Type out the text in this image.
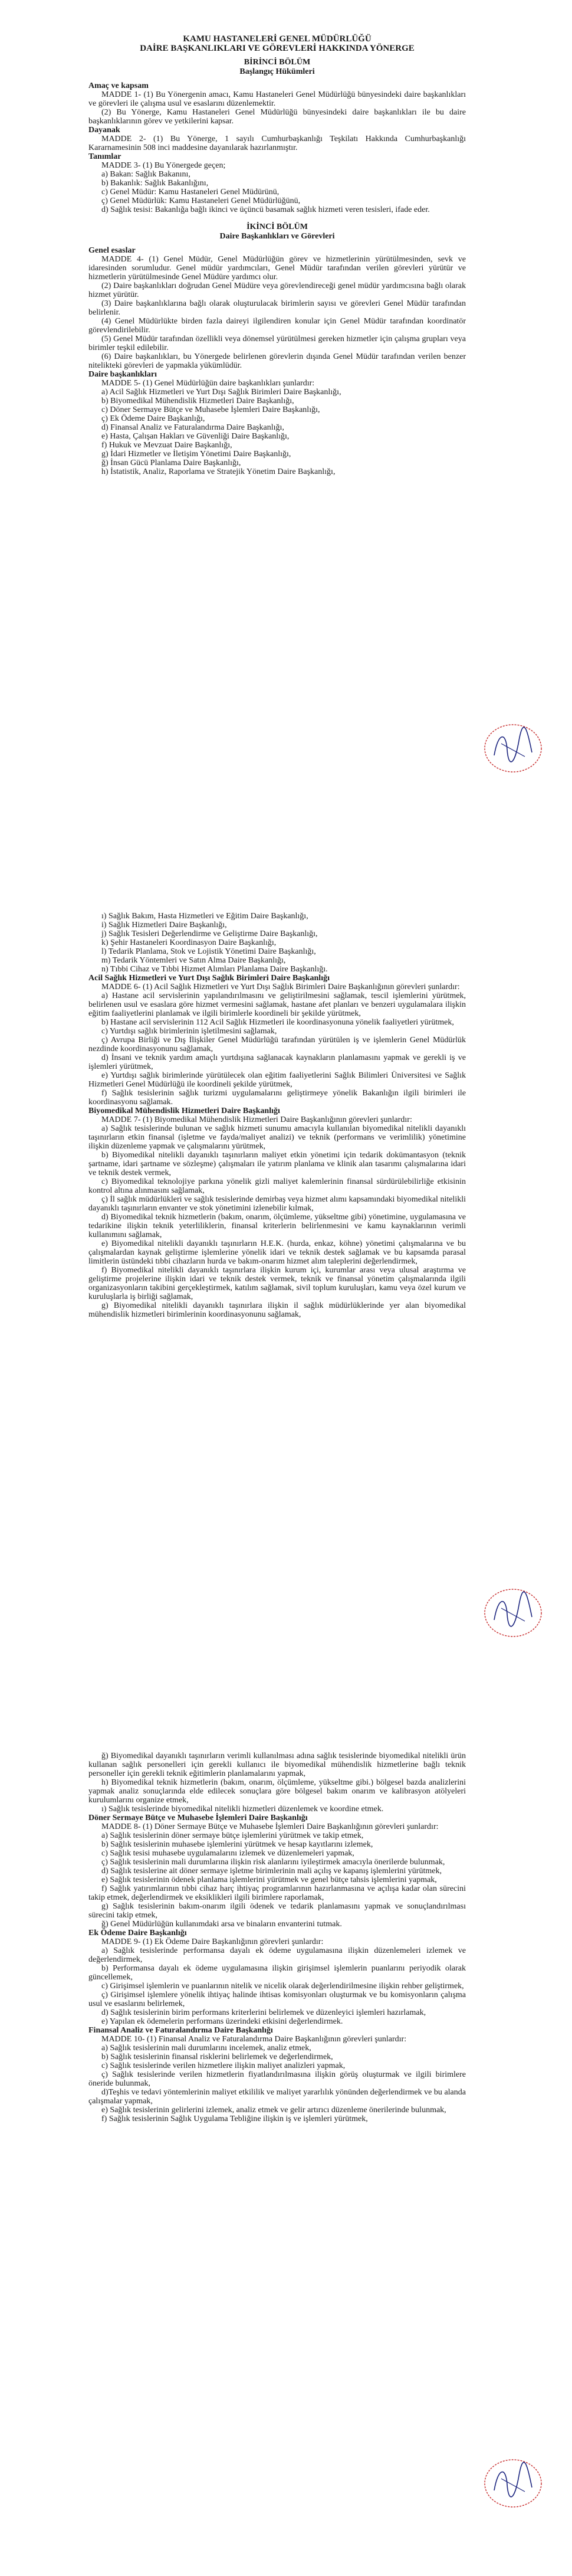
KAMU HASTANELERİ GENEL MÜDÜRLÜĞÜ
DAİRE BAŞKANLIKLARI VE GÖREVLERİ HAKKINDA YÖNERGE
BİRİNCİ BÖLÜM
Başlangıç Hükümleri
Amaç ve kapsam

MADDE 1- (1) Bu Yönergenin amacı, Kamu Hastaneleri Genel Müdürlüğü bünyesindeki daire başkanlıkları ve görevleri ile çalışma usul ve esaslarını düzenlemektir.

(2) Bu Yönerge, Kamu Hastaneleri Genel Müdürlüğü bünyesindeki daire başkanlıkları ile bu daire başkanlıklarının görev ve yetkilerini kapsar.

Dayanak

MADDE 2- (1) Bu Yönerge, 1 sayılı Cumhurbaşkanlığı Teşkilatı Hakkında Cumhurbaşkanlığı Kararnamesinin 508 inci maddesine dayanılarak hazırlanmıştır.

Tanımlar

MADDE 3- (1) Bu Yönergede geçen;

a) Bakan: Sağlık Bakanını,
b) Bakanlık: Sağlık Bakanlığını,
c) Genel Müdür: Kamu Hastaneleri Genel Müdürünü,
ç) Genel Müdürlük: Kamu Hastaneleri Genel Müdürlüğünü,
d) Sağlık tesisi: Bakanlığa bağlı ikinci ve üçüncü basamak sağlık hizmeti veren tesisleri, ifade eder.
İKİNCİ BÖLÜM
Daire Başkanlıkları ve Görevleri
Genel esaslar

MADDE 4- (1) Genel Müdür, Genel Müdürlüğün görev ve hizmetlerinin yürütülmesinden, sevk ve idaresinden sorumludur. Genel müdür yardımcıları, Genel Müdür tarafından verilen görevleri yürütür ve hizmetlerin yürütülmesinde Genel Müdüre yardımcı olur.

(2) Daire başkanlıkları doğrudan Genel Müdüre veya görevlendireceği genel müdür yardımcısına bağlı olarak hizmet yürütür.

(3) Daire başkanlıklarına bağlı olarak oluşturulacak birimlerin sayısı ve görevleri Genel Müdür tarafından belirlenir.

(4) Genel Müdürlükte birden fazla daireyi ilgilendiren konular için Genel Müdür tarafından koordinatör görevlendirilebilir.

(5) Genel Müdür tarafından özellikli veya dönemsel yürütülmesi gereken hizmetler için çalışma grupları veya birimler teşkil edilebilir.

(6) Daire başkanlıkları, bu Yönergede belirlenen görevlerin dışında Genel Müdür tarafından verilen benzer nitelikteki görevleri de yapmakla yükümlüdür.

Daire başkanlıkları

MADDE 5- (1) Genel Müdürlüğün daire başkanlıkları şunlardır:

a) Acil Sağlık Hizmetleri ve Yurt Dışı Sağlık Birimleri Daire Başkanlığı,
b) Biyomedikal Mühendislik Hizmetleri Daire Başkanlığı,
c) Döner Sermaye Bütçe ve Muhasebe İşlemleri Daire Başkanlığı,
ç) Ek Ödeme Daire Başkanlığı,
d) Finansal Analiz ve Faturalandırma Daire Başkanlığı,
e) Hasta, Çalışan Hakları ve Güvenliği Daire Başkanlığı,
f) Hukuk ve Mevzuat Daire Başkanlığı,
g) İdari Hizmetler ve İletişim Yönetimi Daire Başkanlığı,
ğ) İnsan Gücü Planlama Daire Başkanlığı,
h) İstatistik, Analiz, Raporlama ve Stratejik Yönetim Daire Başkanlığı,
ı) Sağlık Bakım, Hasta Hizmetleri ve Eğitim Daire Başkanlığı,
i) Sağlık Hizmetleri Daire Başkanlığı,
j) Sağlık Tesisleri Değerlendirme ve Geliştirme Daire Başkanlığı,
k) Şehir Hastaneleri Koordinasyon Daire Başkanlığı,
l) Tedarik Planlama, Stok ve Lojistik Yönetimi Daire Başkanlığı,
m) Tedarik Yöntemleri ve Satın Alma Daire Başkanlığı,
n) Tıbbi Cihaz ve Tıbbi Hizmet Alımları Planlama Daire Başkanlığı.
Acil Sağlık Hizmetleri ve Yurt Dışı Sağlık Birimleri Daire Başkanlığı

MADDE 6- (1) Acil Sağlık Hizmetleri ve Yurt Dışı Sağlık Birimleri Daire Başkanlığının görevleri şunlardır:

a) Hastane acil servislerinin yapılandırılmasını ve geliştirilmesini sağlamak, tescil işlemlerini yürütmek, belirlenen usul ve esaslara göre hizmet vermesini sağlamak, hastane afet planları ve benzeri uygulamalara ilişkin eğitim faaliyetlerini planlamak ve ilgili birimlerle koordineli bir şekilde yürütmek,

b) Hastane acil servislerinin 112 Acil Sağlık Hizmetleri ile koordinasyonuna yönelik faaliyetleri yürütmek,

c) Yurtdışı sağlık birimlerinin işletilmesini sağlamak,

ç) Avrupa Birliği ve Dış İlişkiler Genel Müdürlüğü tarafından yürütülen iş ve işlemlerin Genel Müdürlük nezdinde koordinasyonunu sağlamak,

d) İnsani ve teknik yardım amaçlı yurtdışına sağlanacak kaynakların planlamasını yapmak ve gerekli iş ve işlemleri yürütmek,

e) Yurtdışı sağlık birimlerinde yürütülecek olan eğitim faaliyetlerini Sağlık Bilimleri Üniversitesi ve Sağlık Hizmetleri Genel Müdürlüğü ile koordineli şekilde yürütmek,

f) Sağlık tesislerinin sağlık turizmi uygulamalarını geliştirmeye yönelik Bakanlığın ilgili birimleri ile koordinasyonu sağlamak.

Biyomedikal Mühendislik Hizmetleri Daire Başkanlığı

MADDE 7- (1) Biyomedikal Mühendislik Hizmetleri Daire Başkanlığının görevleri şunlardır:

a) Sağlık tesislerinde bulunan ve sağlık hizmeti sunumu amacıyla kullanılan biyomedikal nitelikli dayanıklı taşınırların etkin finansal (işletme ve fayda/maliyet analizi) ve teknik (performans ve verimlilik) yönetimine ilişkin düzenleme yapmak ve çalışmalarını yürütmek,

b) Biyomedikal nitelikli dayanıklı taşınırların maliyet etkin yönetimi için tedarik dokümantasyon (teknik şartname, idari şartname ve sözleşme) çalışmaları ile yatırım planlama ve klinik alan tasarımı çalışmalarına idari ve teknik destek vermek,

c) Biyomedikal teknolojiye parkına yönelik gizli maliyet kalemlerinin finansal sürdürülebilirliğe etkisinin kontrol altına alınmasını sağlamak,

ç) İl sağlık müdürlükleri ve sağlık tesislerinde demirbaş veya hizmet alımı kapsamındaki biyomedikal nitelikli dayanıklı taşınırların envanter ve stok yönetimini izlenebilir kılmak,

d) Biyomedikal teknik hizmetlerin (bakım, onarım, ölçümleme, yükseltme gibi) yönetimine, uygulamasına ve tedarikine ilişkin teknik yeterliliklerin, finansal kriterlerin belirlenmesini ve kamu kaynaklarının verimli kullanımını sağlamak,

e) Biyomedikal nitelikli dayanıklı taşınırların H.E.K. (hurda, enkaz, köhne) yönetimi çalışmalarına ve bu çalışmalardan kaynak geliştirme işlemlerine yönelik idari ve teknik destek sağlamak ve bu kapsamda parasal limitlerin üstündeki tıbbi cihazların hurda ve bakım-onarım hizmet alım taleplerini değerlendirmek,

f) Biyomedikal nitelikli dayanıklı taşınırlara ilişkin kurum içi, kurumlar arası veya ulusal araştırma ve geliştirme projelerine ilişkin idari ve teknik destek vermek, teknik ve finansal yönetim çalışmalarında ilgili organizasyonların takibini gerçekleştirmek, katılım sağlamak, sivil toplum kuruluşları, kamu veya özel kurum ve kuruluşlarla iş birliği sağlamak,

g) Biyomedikal nitelikli dayanıklı taşınırlara ilişkin il sağlık müdürlüklerinde yer alan biyomedikal mühendislik hizmetleri birimlerinin koordinasyonunu sağlamak,

ğ) Biyomedikal dayanıklı taşınırların verimli kullanılması adına sağlık tesislerinde biyomedikal nitelikli ürün kullanan sağlık personelleri için gerekli kullanıcı ile biyomedikal mühendislik hizmetlerine bağlı teknik personeller için gerekli teknik eğitimlerin planlamalarını yapmak,

h) Biyomedikal teknik hizmetlerin (bakım, onarım, ölçümleme, yükseltme gibi.) bölgesel bazda analizlerini yapmak analiz sonuçlarında elde edilecek sonuçlara göre bölgesel bakım onarım ve kalibrasyon atölyeleri kurulumlarını organize etmek,

ı) Sağlık tesislerinde biyomedikal nitelikli hizmetleri düzenlemek ve koordine etmek.

Döner Sermaye Bütçe ve Muhasebe İşlemleri Daire Başkanlığı

MADDE 8- (1) Döner Sermaye Bütçe ve Muhasebe İşlemleri Daire Başkanlığının görevleri şunlardır:

a) Sağlık tesislerinin döner sermaye bütçe işlemlerini yürütmek ve takip etmek,

b) Sağlık tesislerinin muhasebe işlemlerini yürütmek ve hesap kayıtlarını izlemek,

c) Sağlık tesisi muhasebe uygulamalarını izlemek ve düzenlemeleri yapmak,

ç) Sağlık tesislerinin mali durumlarına ilişkin risk alanlarını iyileştirmek amacıyla önerilerde bulunmak,

d) Sağlık tesislerine ait döner sermaye işletme birimlerinin mali açılış ve kapanış işlemlerini yürütmek,

e) Sağlık tesislerinin ödenek planlama işlemlerini yürütmek ve genel bütçe tahsis işlemlerini yapmak,

f) Sağlık yatırımlarının tıbbi cihaz harç ihtiyaç programlarının hazırlanmasına ve açılışa kadar olan sürecini takip etmek, değerlendirmek ve eksiklikleri ilgili birimlere raporlamak,

g) Sağlık tesislerinin bakım-onarım ilgili ödenek ve tedarik planlamasını yapmak ve sonuçlandırılması sürecini takip etmek,

ğ) Genel Müdürlüğün kullanımdaki arsa ve binaların envanterini tutmak.

Ek Ödeme Daire Başkanlığı

MADDE 9- (1) Ek Ödeme Daire Başkanlığının görevleri şunlardır:

a) Sağlık tesislerinde performansa dayalı ek ödeme uygulamasına ilişkin düzenlemeleri izlemek ve değerlendirmek,

b) Performansa dayalı ek ödeme uygulamasına ilişkin girişimsel işlemlerin puanlarını periyodik olarak güncellemek,

c) Girişimsel işlemlerin ve puanlarının nitelik ve nicelik olarak değerlendirilmesine ilişkin rehber geliştirmek,

ç) Girişimsel işlemlere yönelik ihtiyaç halinde ihtisas komisyonları oluşturmak ve bu komisyonların çalışma usul ve esaslarını belirlemek,

d) Sağlık tesislerinin birim performans kriterlerini belirlemek ve düzenleyici işlemleri hazırlamak,

e) Yapılan ek ödemelerin performans üzerindeki etkisini değerlendirmek.

Finansal Analiz ve Faturalandırma Daire Başkanlığı

MADDE 10- (1) Finansal Analiz ve Faturalandırma Daire Başkanlığının görevleri şunlardır:

a) Sağlık tesislerinin mali durumlarını incelemek, analiz etmek,

b) Sağlık tesislerinin finansal risklerini belirlemek ve değerlendirmek,

c) Sağlık tesislerinde verilen hizmetlere ilişkin maliyet analizleri yapmak,

ç) Sağlık tesislerinde verilen hizmetlerin fiyatlandırılmasına ilişkin görüş oluşturmak ve ilgili birimlere öneride bulunmak,

d)Teşhis ve tedavi yöntemlerinin maliyet etkililik ve maliyet yararlılık yönünden değerlendirmek ve bu alanda çalışmalar yapmak,

e) Sağlık tesislerinin gelirlerini izlemek, analiz etmek ve gelir artırıcı düzenleme önerilerinde bulunmak,

f) Sağlık tesislerinin Sağlık Uygulama Tebliğine ilişkin iş ve işlemleri yürütmek,
